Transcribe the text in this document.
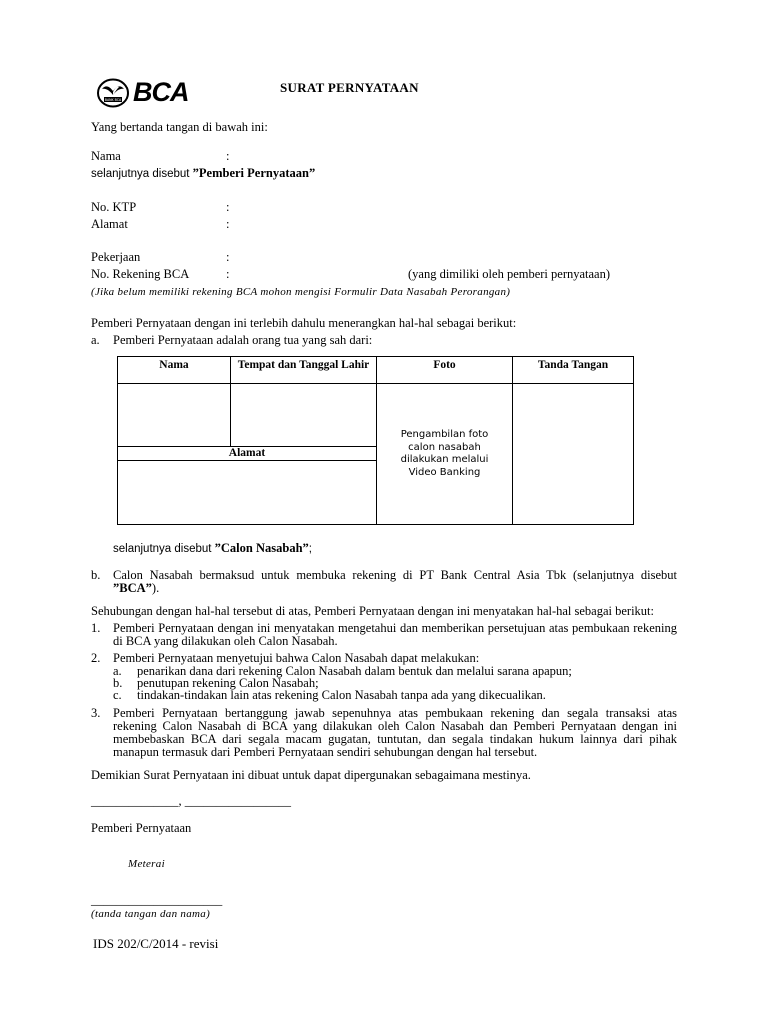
BANK BCA BCA	SURAT PERNYATAAN
Yang bertanda tangan di bawah ini:
Nama	:
selanjutnya disebut ”Pemberi Pernyataan”
No. KTP	:
Alamat	:
Pekerjaan	:
No. Rekening BCA	:	(yang dimiliki oleh pemberi pernyataan)
(Jika belum memiliki rekening BCA mohon mengisi Formulir Data Nasabah Perorangan)
Pemberi Pernyataan dengan ini terlebih dahulu menerangkan hal-hal sebagai berikut:
a. Pemberi Pernyataan adalah orang tua yang sah dari:
Nama	Tempat dan Tanggal Lahir	Foto	Tanda Tangan

		Pengambilan foto
calon nasabah
dilakukan melalui
Video Banking	

Alamat			

selanjutnya disebut ”Calon Nasabah”;
b. Calon Nasabah bermaksud untuk membuka rekening di PT Bank Central Asia Tbk (selanjutnya disebut
”BCA”).
Sehubungan dengan hal-hal tersebut di atas, Pemberi Pernyataan dengan ini menyatakan hal-hal sebagai berikut:
1. Pemberi Pernyataan dengan ini menyatakan mengetahui dan memberikan persetujuan atas pembukaan rekening
di BCA yang dilakukan oleh Calon Nasabah.
2. Pemberi Pernyataan menyetujui bahwa Calon Nasabah dapat melakukan:
a. penarikan dana dari rekening Calon Nasabah dalam bentuk dan melalui sarana apapun;
b. penutupan rekening Calon Nasabah;
c. tindakan-tindakan lain atas rekening Calon Nasabah tanpa ada yang dikecualikan.
3. Pemberi Pernyataan bertanggung jawab sepenuhnya atas pembukaan rekening dan segala transaksi atas
rekening Calon Nasabah di BCA yang dilakukan oleh Calon Nasabah dan Pemberi Pernyataan dengan ini
membebaskan BCA dari segala macam gugatan, tuntutan, dan segala tindakan hukum lainnya dari pihak
manapun termasuk dari Pemberi Pernyataan sendiri sehubungan dengan hal tersebut.
Demikian Surat Pernyataan ini dibuat untuk dapat dipergunakan sebagaimana mestinya.
______________, _________________
Pemberi Pernyataan
Meterai
_____________________
(tanda tangan dan nama)
IDS 202/C/2014 - revisi
